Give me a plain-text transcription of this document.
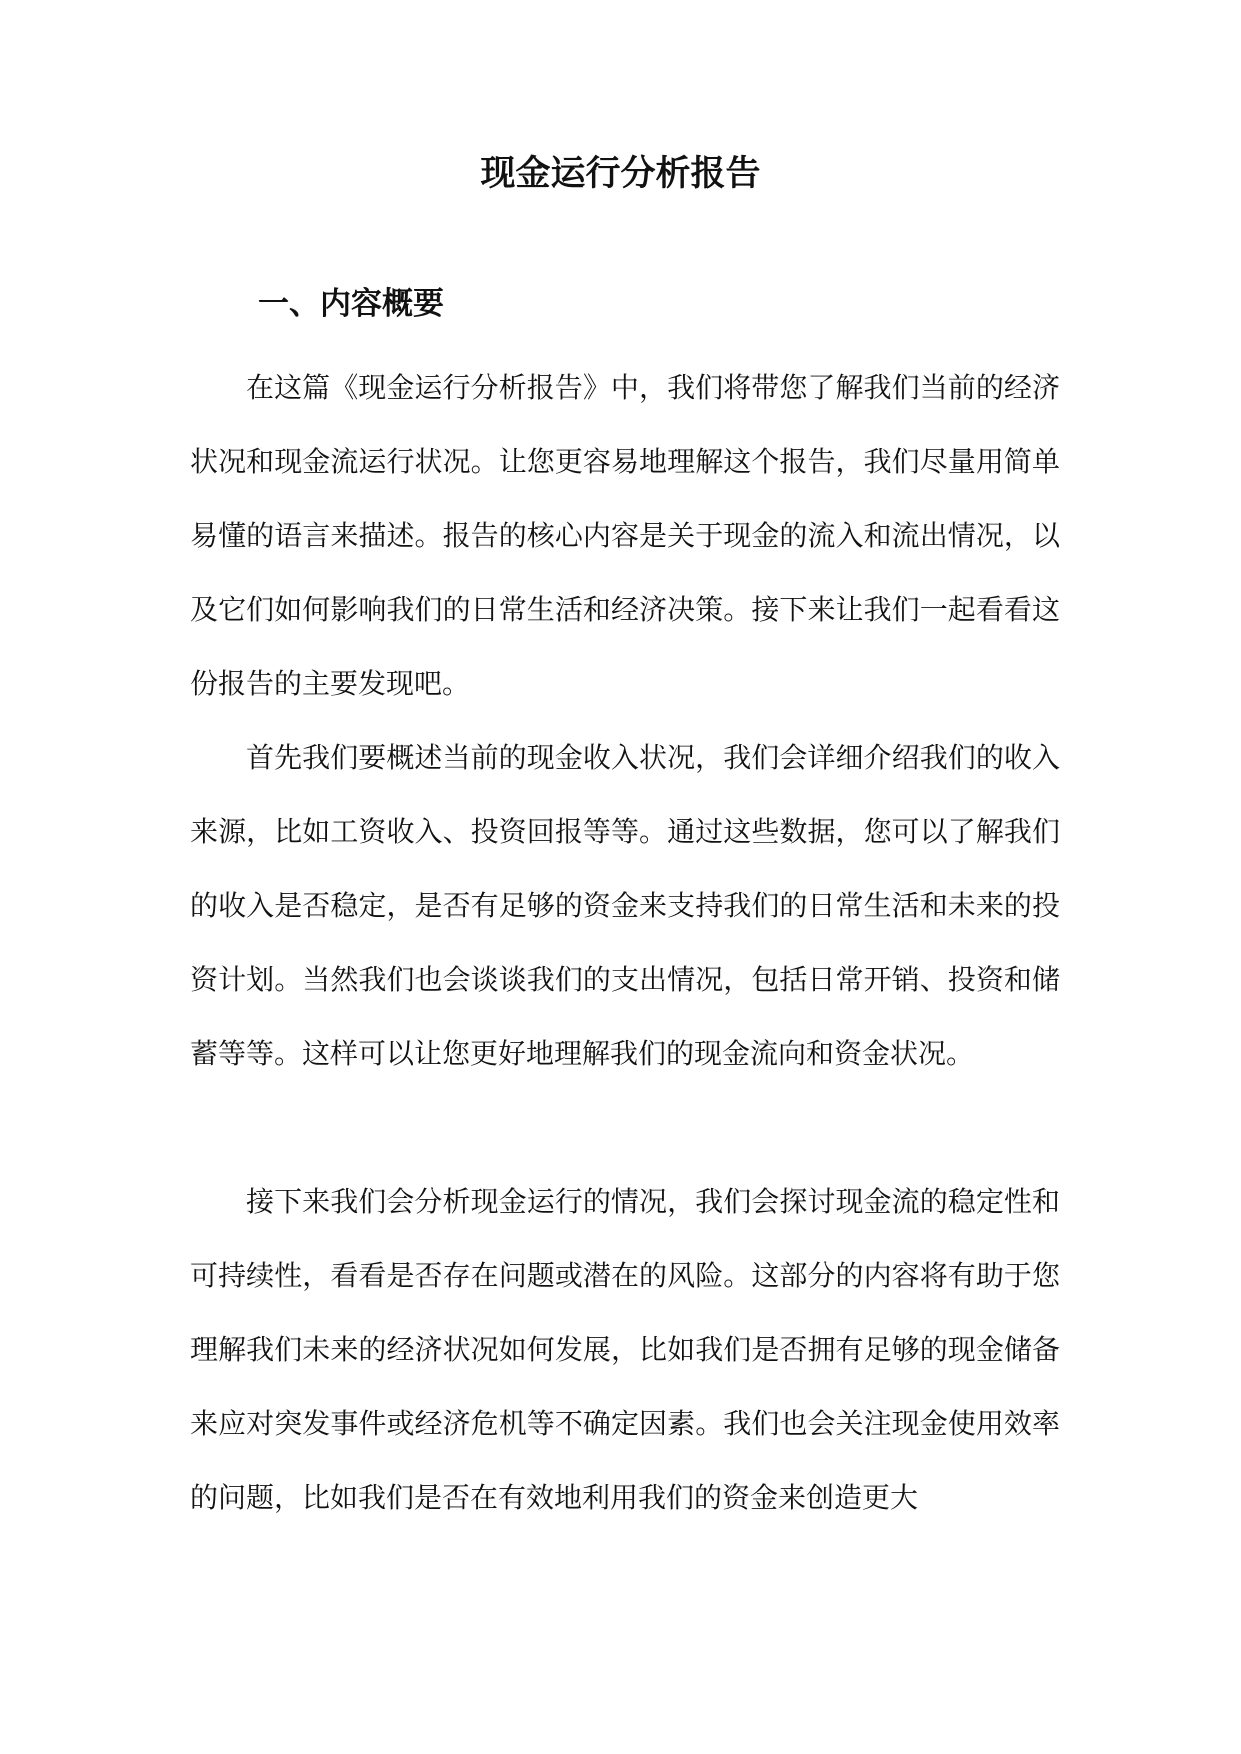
现金运行分析报告
一、内容概要

在这篇《现金运行分析报告》中，我们将带您了解我们当前的经济状况和现金流运行状况。让您更容易地理解这个报告，我们尽量用简单易懂的语言来描述。报告的核心内容是关于现金的流入和流出情况，以及它们如何影响我们的日常生活和经济决策。接下来让我们一起看看这份报告的主要发现吧。

首先我们要概述当前的现金收入状况，我们会详细介绍我们的收入来源，比如工资收入、投资回报等等。通过这些数据，您可以了解我们的收入是否稳定，是否有足够的资金来支持我们的日常生活和未来的投资计划。当然我们也会谈谈我们的支出情况，包括日常开销、投资和储蓄等等。这样可以让您更好地理解我们的现金流向和资金状况。

接下来我们会分析现金运行的情况，我们会探讨现金流的稳定性和可持续性，看看是否存在问题或潜在的风险。这部分的内容将有助于您理解我们未来的经济状况如何发展，比如我们是否拥有足够的现金储备来应对突发事件或经济危机等不确定因素。我们也会关注现金使用效率的问题，比如我们是否在有效地利用我们的资金来创造更大
